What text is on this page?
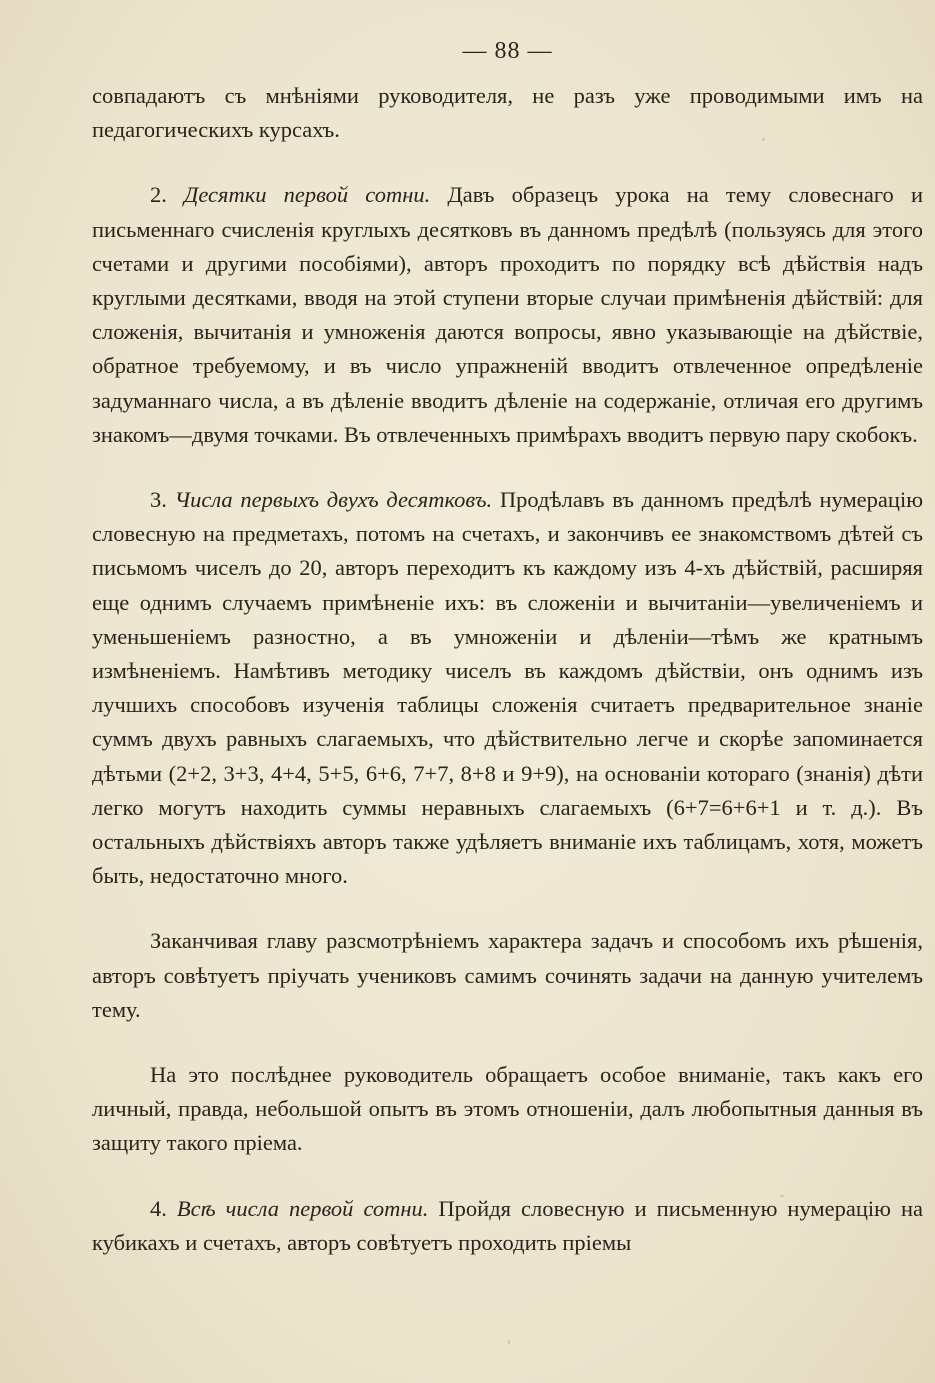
— 88 —

совпадаютъ съ мнѣніями руководителя, не разъ уже проводимыми имъ на педагогическихъ курсахъ.

2. Десятки первой сотни. Давъ образецъ урока на тему словеснаго и письменнаго счисленія круглыхъ десятковъ въ данномъ предѣлѣ (пользуясь для этого счетами и другими пособіями), авторъ проходитъ по порядку всѣ дѣйствія надъ круглыми десятками, вводя на этой ступени вторые случаи примѣненія дѣйствій: для сложенія, вычитанія и умноженія даются вопросы, явно указывающіе на дѣйствіе, обратное требуемому, и въ число упражненій вводитъ отвлеченное опредѣленіе задуманнаго числа, а въ дѣленіе вводитъ дѣленіе на содержаніе, отличая его другимъ знакомъ—двумя точками. Въ отвлеченныхъ примѣрахъ вводитъ первую пару скобокъ.

3. Числа первыхъ двухъ десятковъ. Продѣлавъ въ данномъ предѣлѣ нумерацію словесную на предметахъ, потомъ на счетахъ, и закончивъ ее знакомствомъ дѣтей съ письмомъ чиселъ до 20, авторъ переходитъ къ каждому изъ 4-хъ дѣйствій, расширяя еще однимъ случаемъ примѣненіе ихъ: въ сложеніи и вычитаніи—увеличеніемъ и уменьшеніемъ разностно, а въ умноженіи и дѣленіи—тѣмъ же кратнымъ измѣненіемъ. Намѣтивъ методику чиселъ въ каждомъ дѣйствіи, онъ однимъ изъ лучшихъ способовъ изученія таблицы сложенія считаетъ предварительное знаніе суммъ двухъ равныхъ слагаемыхъ, что дѣйствительно легче и скорѣе запоминается дѣтьми (2+2, 3+3, 4+4, 5+5, 6+6, 7+7, 8+8 и 9+9), на основаніи котораго (знанія) дѣти легко могутъ находить суммы неравныхъ слагаемыхъ (6+7=6+6+1 и т. д.). Въ остальныхъ дѣйствіяхъ авторъ также удѣляетъ вниманіе ихъ таблицамъ, хотя, можетъ быть, недостаточно много.

Заканчивая главу разсмотрѣніемъ характера задачъ и способомъ ихъ рѣшенія, авторъ совѣтуетъ пріучать учениковъ самимъ сочинять задачи на данную учителемъ тему.

На это послѣднее руководитель обращаетъ особое вниманіе, такъ какъ его личный, правда, небольшой опытъ въ этомъ отношеніи, далъ любопытныя данныя въ защиту такого пріема.

4. Всѣ числа первой сотни. Пройдя словесную и письменную нумерацію на кубикахъ и счетахъ, авторъ совѣтуетъ проходить пріемы
